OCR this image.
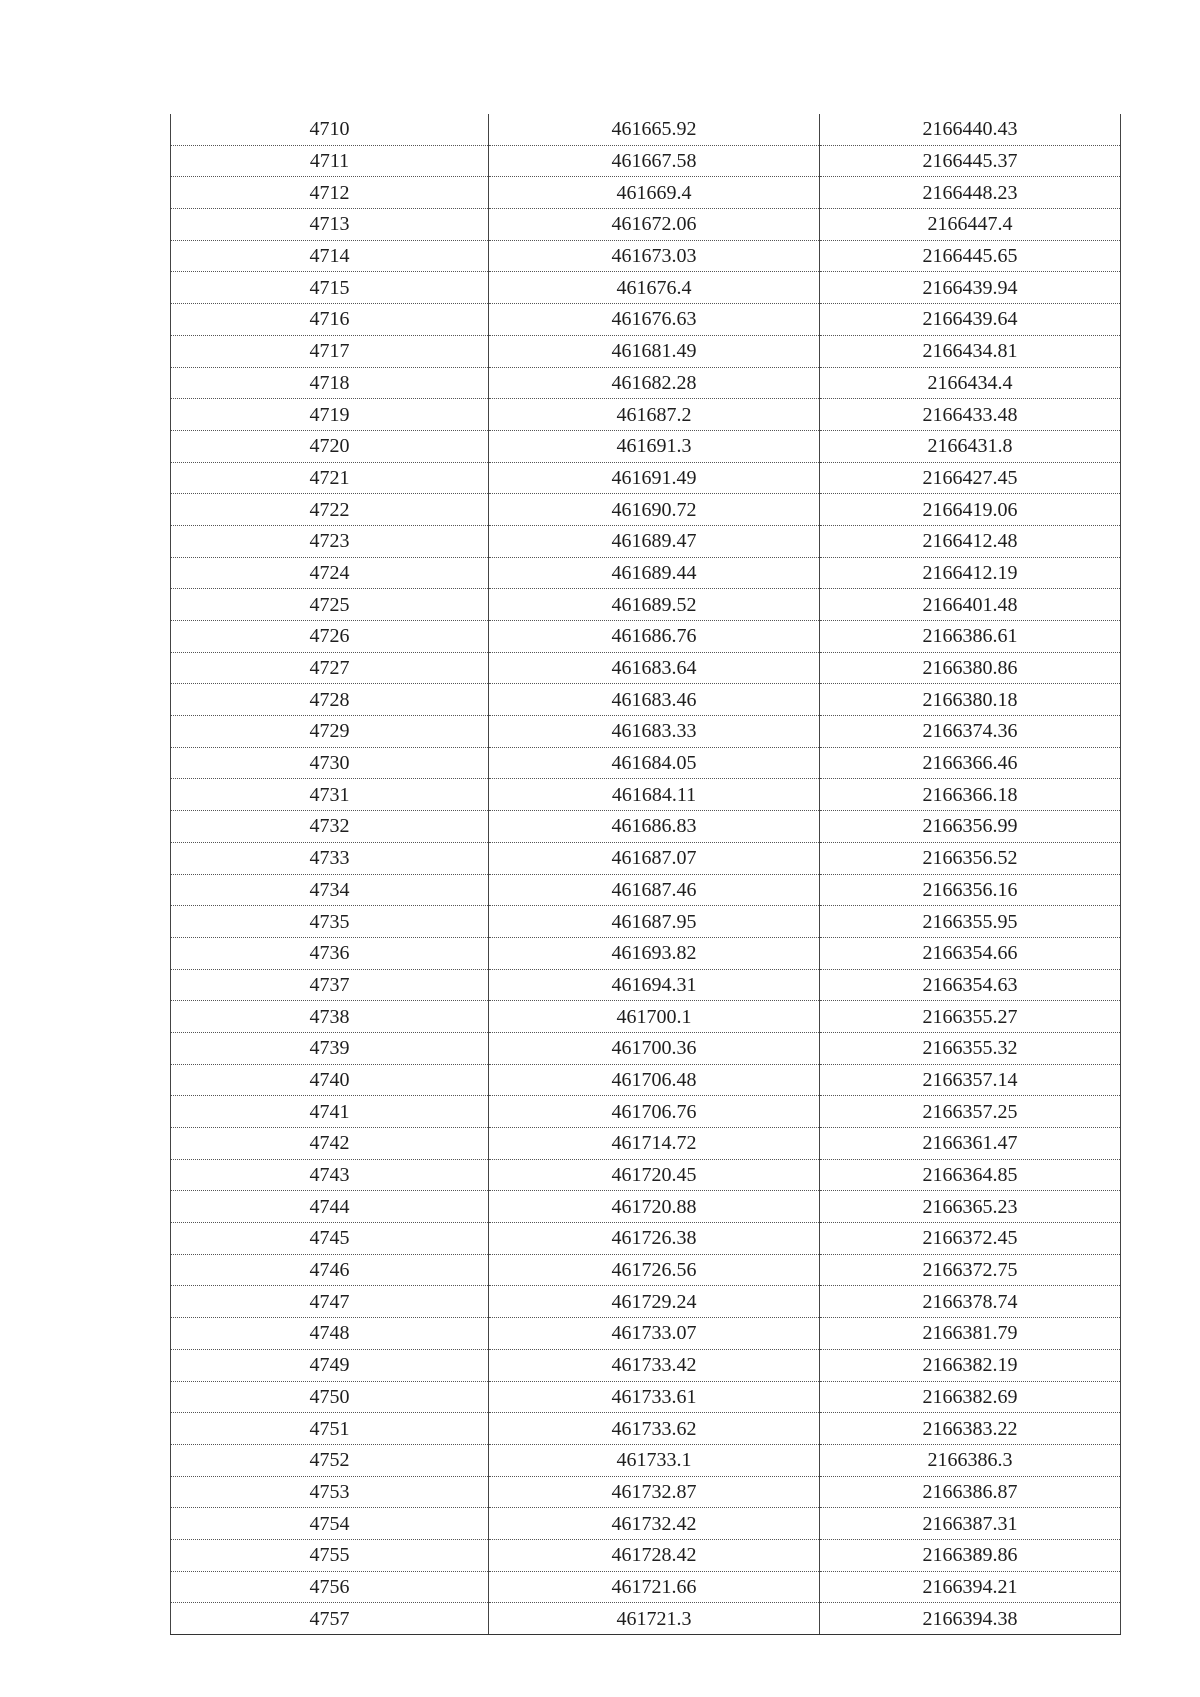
4710	461665.92	2166440.43
4711	461667.58	2166445.37
4712	461669.4	2166448.23
4713	461672.06	2166447.4
4714	461673.03	2166445.65
4715	461676.4	2166439.94
4716	461676.63	2166439.64
4717	461681.49	2166434.81
4718	461682.28	2166434.4
4719	461687.2	2166433.48
4720	461691.3	2166431.8
4721	461691.49	2166427.45
4722	461690.72	2166419.06
4723	461689.47	2166412.48
4724	461689.44	2166412.19
4725	461689.52	2166401.48
4726	461686.76	2166386.61
4727	461683.64	2166380.86
4728	461683.46	2166380.18
4729	461683.33	2166374.36
4730	461684.05	2166366.46
4731	461684.11	2166366.18
4732	461686.83	2166356.99
4733	461687.07	2166356.52
4734	461687.46	2166356.16
4735	461687.95	2166355.95
4736	461693.82	2166354.66
4737	461694.31	2166354.63
4738	461700.1	2166355.27
4739	461700.36	2166355.32
4740	461706.48	2166357.14
4741	461706.76	2166357.25
4742	461714.72	2166361.47
4743	461720.45	2166364.85
4744	461720.88	2166365.23
4745	461726.38	2166372.45
4746	461726.56	2166372.75
4747	461729.24	2166378.74
4748	461733.07	2166381.79
4749	461733.42	2166382.19
4750	461733.61	2166382.69
4751	461733.62	2166383.22
4752	461733.1	2166386.3
4753	461732.87	2166386.87
4754	461732.42	2166387.31
4755	461728.42	2166389.86
4756	461721.66	2166394.21
4757	461721.3	2166394.38
